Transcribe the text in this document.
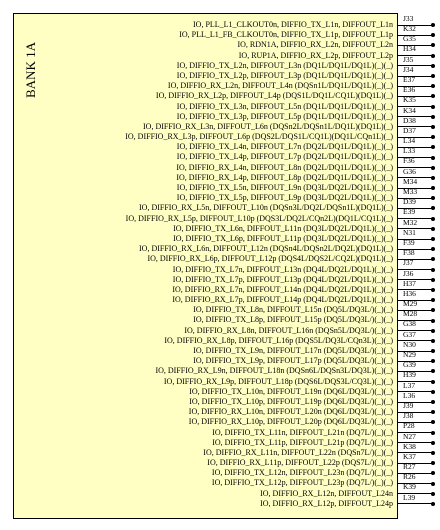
BANK 1A
IO, PLL_L1_CLKOUT0n, DIFFIO_TX_L1n, DIFFOUT_L1n
J33
IO, PLL_L1_FB_CLKOUT0n, DIFFIO_TX_L1p, DIFFOUT_L1p
K32
IO, RDN1A, DIFFIO_RX_L2n, DIFFOUT_L2n
G35
IO, RUP1A, DIFFIO_RX_L2p, DIFFOUT_L2p
H34
IO, DIFFIO_TX_L2n, DIFFOUT_L3n (DQ1L/DQ1L/DQ1L)(_)(_)
J35
IO, DIFFIO_TX_L2p, DIFFOUT_L3p (DQ1L/DQ1L/DQ1L)(_)(_)
J34
IO, DIFFIO_RX_L2n, DIFFOUT_L4n (DQSn1L/DQ1L/DQ1L)(_)(_)
E37
IO, DIFFIO_RX_L2p, DIFFOUT_L4p (DQS1L/DQ1L/CQ1L)(DQ1L)(_)
E36
IO, DIFFIO_TX_L3n, DIFFOUT_L5n (DQ1L/DQ1L/DQ1L)(_)(_)
K35
IO, DIFFIO_TX_L3p, DIFFOUT_L5p (DQ1L/DQ1L/DQ1L)(_)(_)
K34
IO, DIFFIO_RX_L3n, DIFFOUT_L6n (DQSn2L/DQSn1L/DQ1L)(DQ1L)(_)
D38
IO, DIFFIO_RX_L3p, DIFFOUT_L6p (DQS2L/DQS1L/CQ1L)(DQ1L/CQn1L)(_)
D37
IO, DIFFIO_TX_L4n, DIFFOUT_L7n (DQ2L/DQ1L/DQ1L)(_)(_)
L34
IO, DIFFIO_TX_L4p, DIFFOUT_L7p (DQ2L/DQ1L/DQ1L)(_)(_)
L33
IO, DIFFIO_RX_L4n, DIFFOUT_L8n (DQ2L/DQ1L/DQ1L)(_)(_)
F36
IO, DIFFIO_RX_L4p, DIFFOUT_L8p (DQ2L/DQ1L/DQ1L)(_)(_)
G36
IO, DIFFIO_TX_L5n, DIFFOUT_L9n (DQ3L/DQ2L/DQ1L)(_)(_)
M34
IO, DIFFIO_TX_L5p, DIFFOUT_L9p (DQ3L/DQ2L/DQ1L)(_)(_)
M33
IO, DIFFIO_RX_L5n, DIFFOUT_L10n (DQSn3L/DQ2L/DQSn1L)(DQ1L)(_)
D39
IO, DIFFIO_RX_L5p, DIFFOUT_L10p (DQS3L/DQ2L/CQn2L)(DQ1L/CQ1L)(_)
E39
IO, DIFFIO_TX_L6n, DIFFOUT_L11n (DQ3L/DQ2L/DQ1L)(_)(_)
M32
IO, DIFFIO_TX_L6p, DIFFOUT_L11p (DQ3L/DQ2L/DQ1L)(_)(_)
N31
IO, DIFFIO_RX_L6n, DIFFOUT_L12n (DQSn4L/DQSn2L/DQ2L)(DQ1L)(_)
F39
IO, DIFFIO_RX_L6p, DIFFOUT_L12p (DQS4L/DQS2L/CQ2L)(DQ1L)(_)
F38
IO, DIFFIO_TX_L7n, DIFFOUT_L13n (DQ4L/DQ2L/DQ1L)(_)(_)
J37
IO, DIFFIO_TX_L7p, DIFFOUT_L13p (DQ4L/DQ2L/DQ1L)(_)(_)
J36
IO, DIFFIO_RX_L7n, DIFFOUT_L14n (DQ4L/DQ2L/DQ1L)(_)(_)
H37
IO, DIFFIO_RX_L7p, DIFFOUT_L14p (DQ4L/DQ2L/DQ1L)(_)(_)
H36
IO, DIFFIO_TX_L8n, DIFFOUT_L15n (DQ5L/DQ3L/)(_)(_)
M29
IO, DIFFIO_TX_L8p, DIFFOUT_L15p (DQ5L/DQ3L/)(_)(_)
M28
IO, DIFFIO_RX_L8n, DIFFOUT_L16n (DQSn5L/DQ3L/)(_)(_)
G38
IO, DIFFIO_RX_L8p, DIFFOUT_L16p (DQS5L/DQ3L/CQn3L)(_)(_)
G37
IO, DIFFIO_TX_L9n, DIFFOUT_L17n (DQ5L/DQ3L/)(_)(_)
N30
IO, DIFFIO_TX_L9p, DIFFOUT_L17p (DQ5L/DQ3L/)(_)(_)
N29
IO, DIFFIO_RX_L9n, DIFFOUT_L18n (DQSn6L/DQSn3L/DQ3L)(_)(_)
G39
IO, DIFFIO_RX_L9p, DIFFOUT_L18p (DQS6L/DQS3L/CQ3L)(_)(_)
H39
IO, DIFFIO_TX_L10n, DIFFOUT_L19n (DQ6L/DQ3L/)(_)(_)
L37
IO, DIFFIO_TX_L10p, DIFFOUT_L19p (DQ6L/DQ3L/)(_)(_)
L36
IO, DIFFIO_RX_L10n, DIFFOUT_L20n (DQ6L/DQ3L/)(_)(_)
J39
IO, DIFFIO_RX_L10p, DIFFOUT_L20p (DQ6L/DQ3L/)(_)(_)
J38
IO, DIFFIO_TX_L11n, DIFFOUT_L21n (DQ7L/)(_)(_)
P28
IO, DIFFIO_TX_L11p, DIFFOUT_L21p (DQ7L/)(_)(_)
N27
IO, DIFFIO_RX_L11n, DIFFOUT_L22n (DQSn7L/)(_)(_)
K38
IO, DIFFIO_RX_L11p, DIFFOUT_L22p (DQS7L/)(_)(_)
K37
IO, DIFFIO_TX_L12n, DIFFOUT_L23n (DQ7L/)(_)(_)
R27
IO, DIFFIO_TX_L12p, DIFFOUT_L23p (DQ7L/)(_)(_)
R26
IO, DIFFIO_RX_L12n, DIFFOUT_L24n
K39
IO, DIFFIO_RX_L12p, DIFFOUT_L24p
L39
